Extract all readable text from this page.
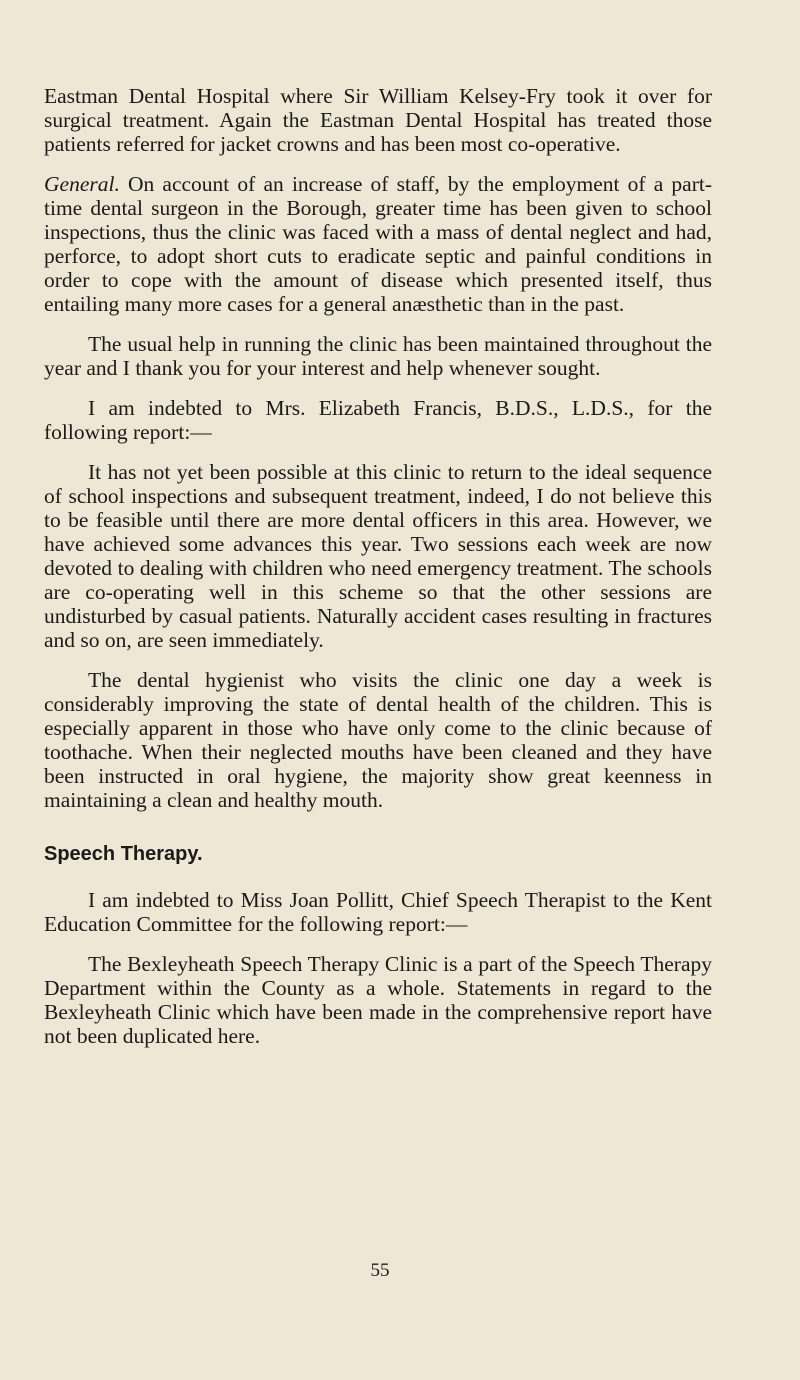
Eastman Dental Hospital where Sir William Kelsey-Fry took it over for surgical treatment. Again the Eastman Dental Hospital has treated those patients referred for jacket crowns and has been most co-operative.

General. On account of an increase of staff, by the employment of a part-time dental surgeon in the Borough, greater time has been given to school inspections, thus the clinic was faced with a mass of dental neglect and had, perforce, to adopt short cuts to eradicate septic and painful conditions in order to cope with the amount of disease which presented itself, thus entailing many more cases for a general anæsthetic than in the past.

The usual help in running the clinic has been maintained throughout the year and I thank you for your interest and help whenever sought.

I am indebted to Mrs. Elizabeth Francis, B.D.S., L.D.S., for the following report:—

It has not yet been possible at this clinic to return to the ideal sequence of school inspections and subsequent treatment, indeed, I do not believe this to be feasible until there are more dental officers in this area. However, we have achieved some advances this year. Two sessions each week are now devoted to dealing with children who need emergency treatment. The schools are co-operating well in this scheme so that the other sessions are undisturbed by casual patients. Naturally accident cases resulting in fractures and so on, are seen immediately.

The dental hygienist who visits the clinic one day a week is considerably improving the state of dental health of the children. This is especially apparent in those who have only come to the clinic because of toothache. When their neglected mouths have been cleaned and they have been instructed in oral hygiene, the majority show great keenness in maintaining a clean and healthy mouth.

Speech Therapy.

I am indebted to Miss Joan Pollitt, Chief Speech Therapist to the Kent Education Committee for the following report:—

The Bexleyheath Speech Therapy Clinic is a part of the Speech Therapy Department within the County as a whole. Statements in regard to the Bexleyheath Clinic which have been made in the comprehensive report have not been duplicated here.

55
